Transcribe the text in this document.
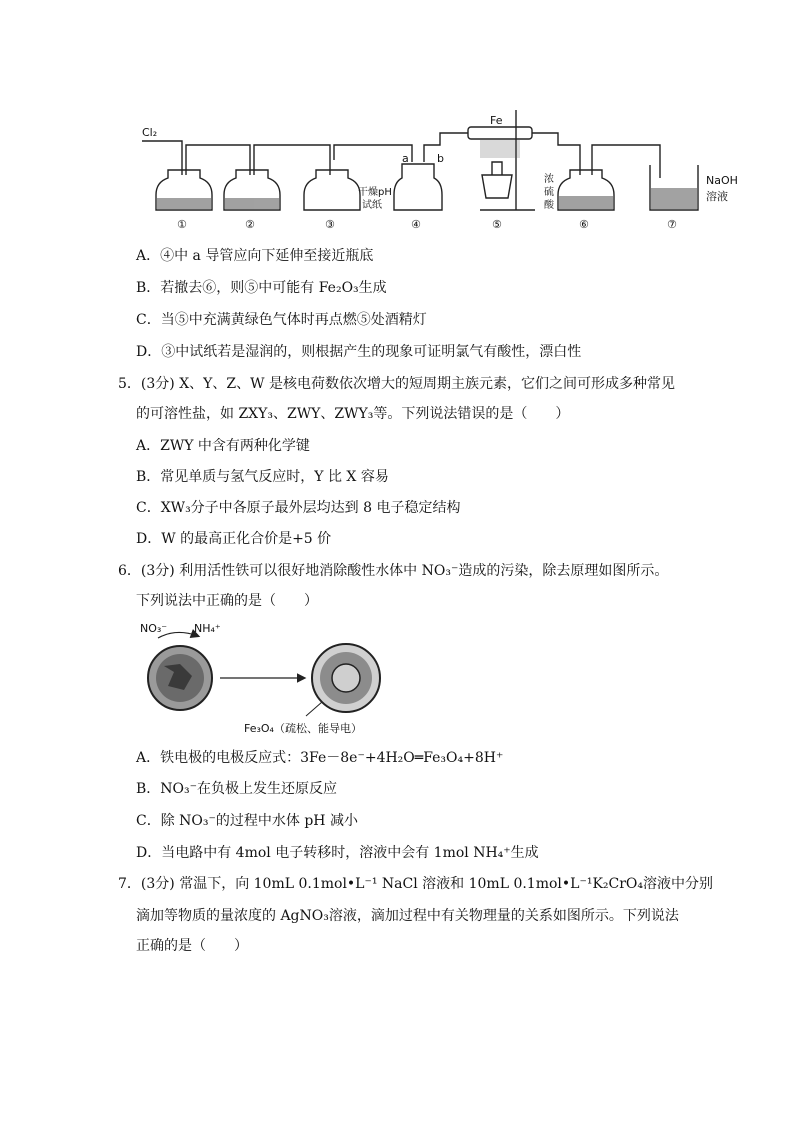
Cl₂
Fe
a	b
干燥pH
试纸
浓
硫
酸
NaOH
溶液
①	②	③	④	⑤	⑥	⑦
A．④中 a 导管应向下延伸至接近瓶底
B．若撤去⑥，则⑤中可能有 Fe₂O₃生成
C．当⑤中充满黄绿色气体时再点燃⑤处酒精灯
D．③中试纸若是湿润的，则根据产生的现象可证明氯气有酸性，漂白性
5．(3分) X、Y、Z、W 是核电荷数依次增大的短周期主族元素，它们之间可形成多种常见
的可溶性盐，如 ZXY₃、ZWY、ZWY₃等。下列说法错误的是（　　）
A．ZWY 中含有两种化学键
B．常见单质与氢气反应时，Y 比 X 容易
C．XW₃分子中各原子最外层均达到 8 电子稳定结构
D．W 的最高正化合价是+5 价
6．(3分) 利用活性铁可以很好地消除酸性水体中 NO₃⁻造成的污染，除去原理如图所示。
下列说法中正确的是（　　）
NO₃⁻ NH₄⁺
Fe₃O₄（疏松、能导电）
A．铁电极的电极反应式：3Fe－8e⁻+4H₂O═Fe₃O₄+8H⁺
B．NO₃⁻在负极上发生还原反应
C．除 NO₃⁻的过程中水体 pH 减小
D．当电路中有 4mol 电子转移时，溶液中会有 1mol NH₄⁺生成
7．(3分) 常温下，向 10mL 0.1mol•L⁻¹ NaCl 溶液和 10mL 0.1mol•L⁻¹K₂CrO₄溶液中分别
滴加等物质的量浓度的 AgNO₃溶液，滴加过程中有关物理量的关系如图所示。下列说法
正确的是（　　）
